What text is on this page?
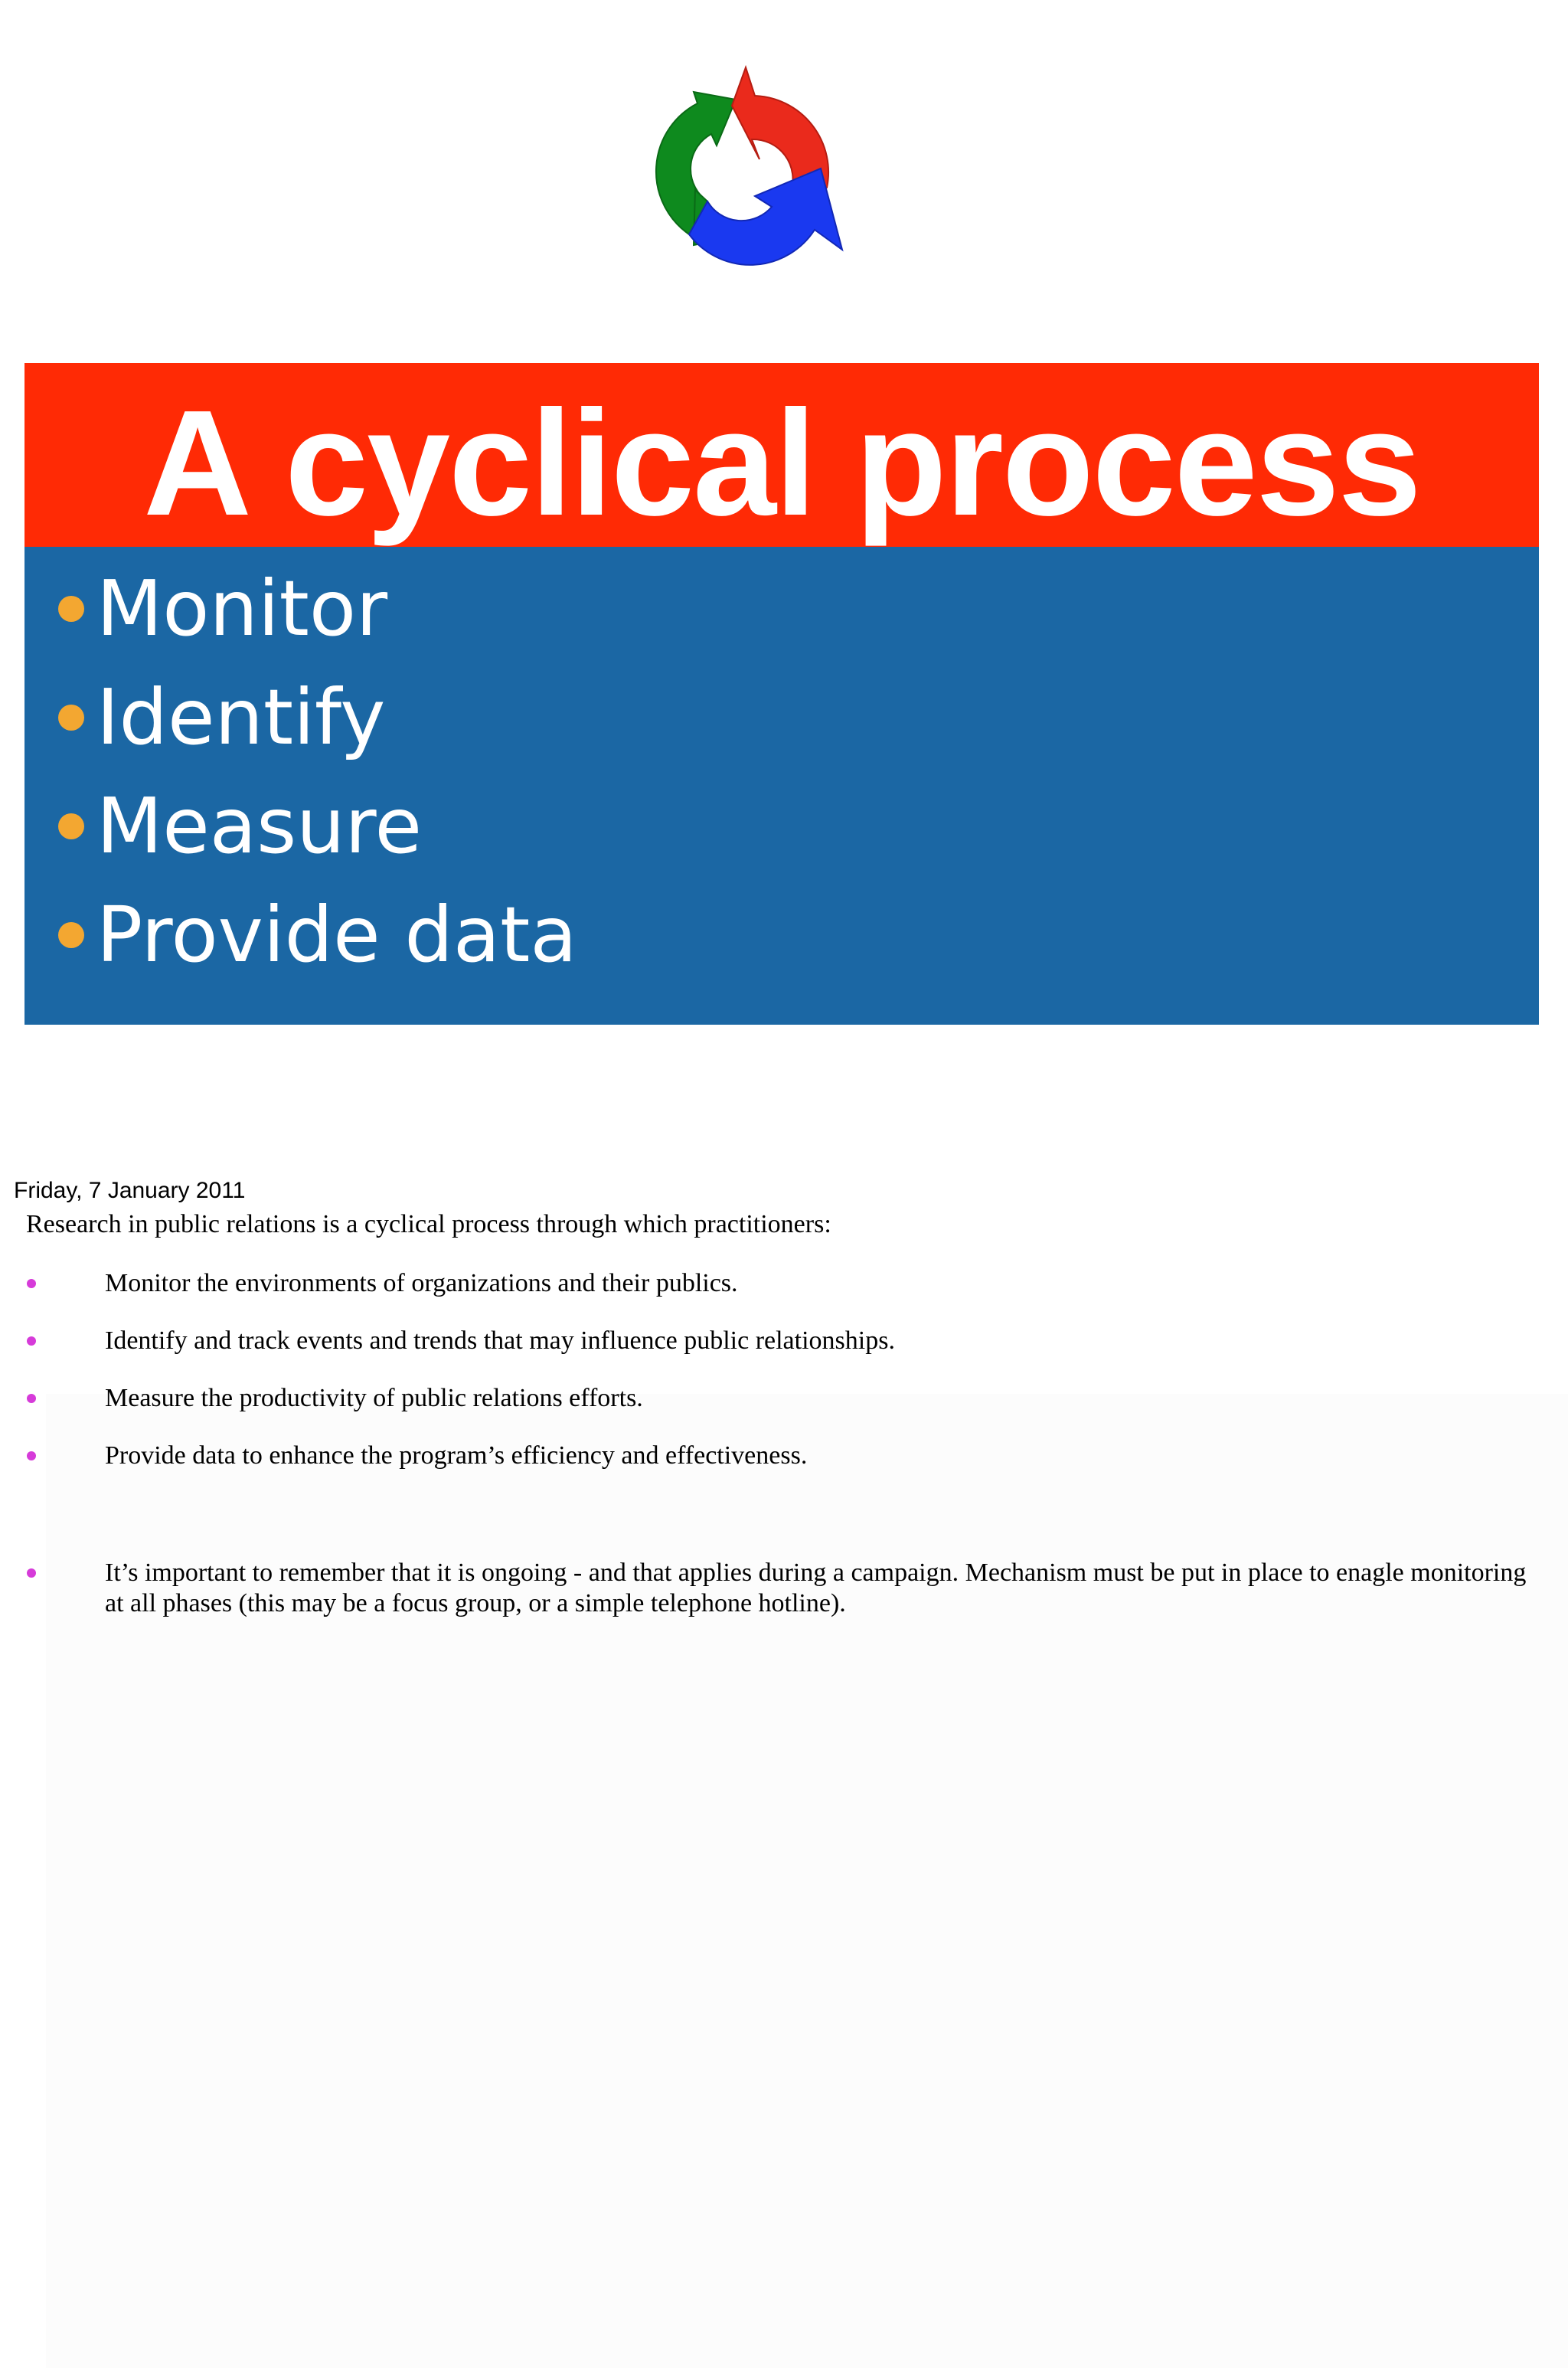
A cyclical process
Monitor
Identify
Measure
Provide data
Friday, 7 January 2011
Research in public relations is a cyclical process through which practitioners:
Monitor the environments of organizations and their publics.
Identify and track events and trends that may influence public relationships.
Measure the productivity of public relations efforts.
Provide data to enhance the program’s efficiency and effectiveness.
It’s important to remember that it is ongoing - and that applies during a campaign. Mechanism must be put in place to enagle monitoring at all phases (this may be a focus group, or a simple telephone hotline).
